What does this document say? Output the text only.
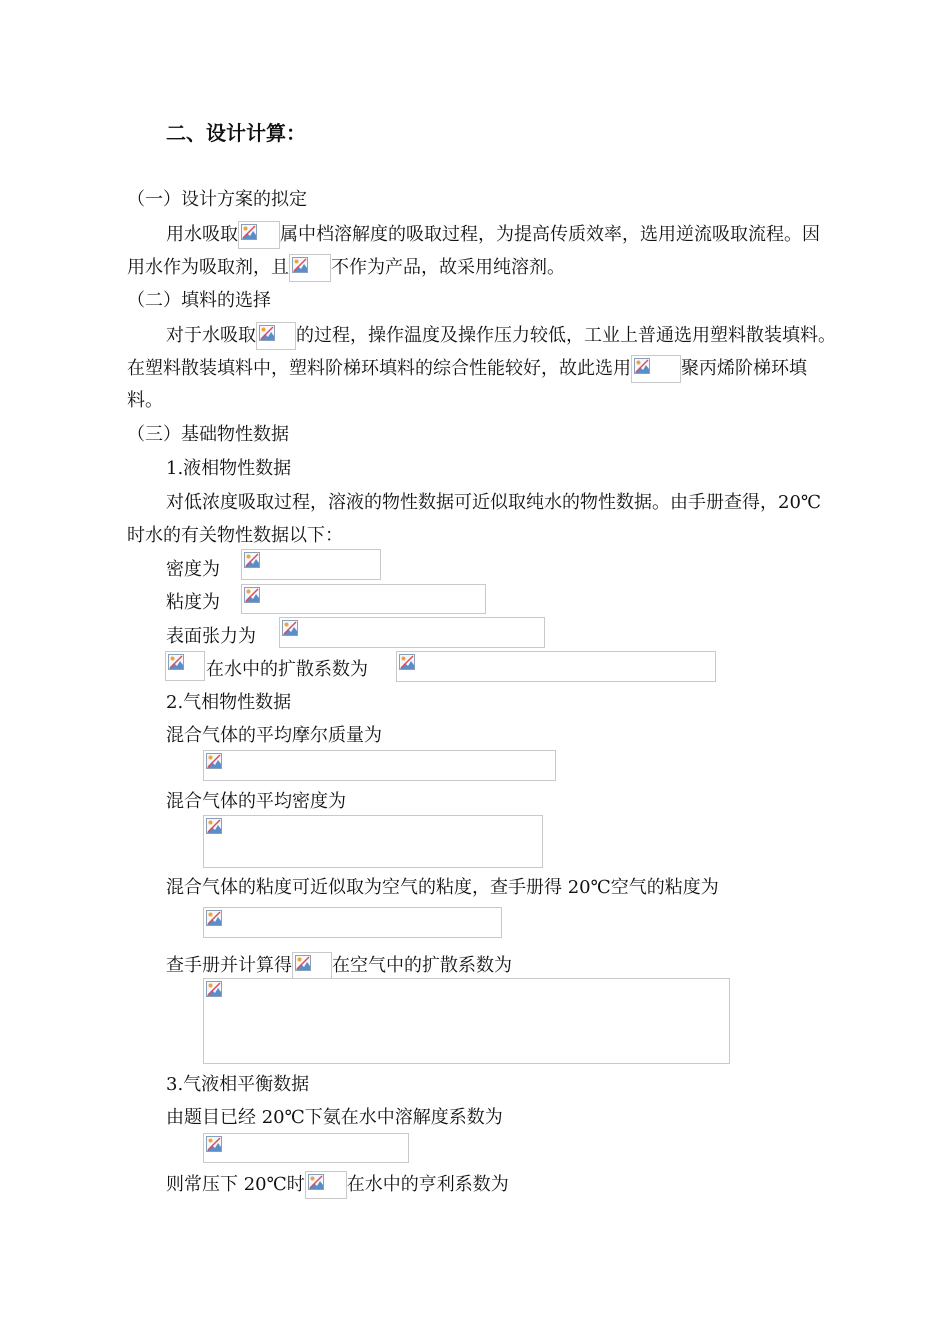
二、设计计算：
（一）设计方案的拟定
用水吸取 属中档溶解度的吸取过程，为提高传质效率，选用逆流吸取流程。因
用水作为吸取剂，且 不作为产品，故采用纯溶剂。
（二）填料的选择
对于水吸取 的过程，操作温度及操作压力较低，工业上普通选用塑料散装填料。
在塑料散装填料中，塑料阶梯环填料的综合性能较好，故此选用	聚丙烯阶梯环填
料。
（三）基础物性数据
1.液相物性数据
对低浓度吸取过程，溶液的物性数据可近似取纯水的物性数据。由手册查得，20℃
时水的有关物性数据以下：
密度为
粘度为
表面张力为
在水中的扩散系数为
2.气相物性数据
混合气体的平均摩尔质量为
混合气体的平均密度为
混合气体的粘度可近似取为空气的粘度，查手册得 20℃空气的粘度为
查手册并计算得 在空气中的扩散系数为
3.气液相平衡数据
由题目已经 20℃下氨在水中溶解度系数为
则常压下 20℃时 在水中的亨利系数为
